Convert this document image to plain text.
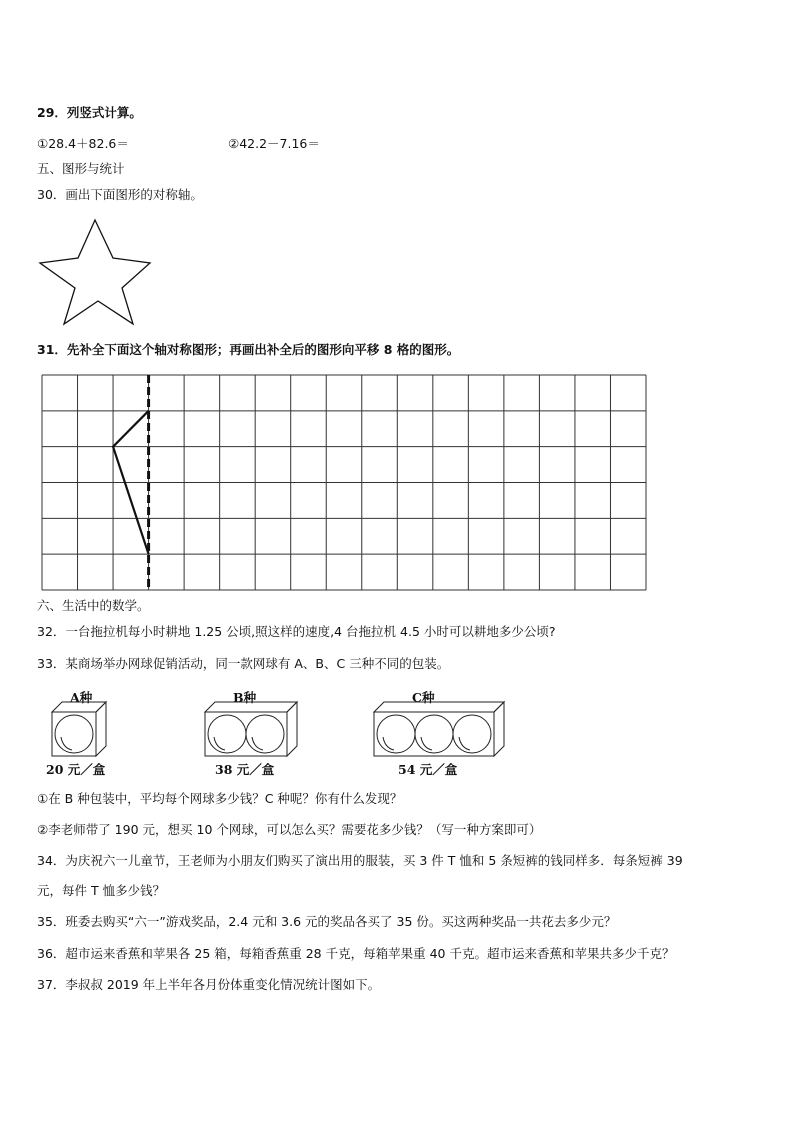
29．列竖式计算。
①28.4＋82.6＝	②42.2－7.16＝
五、图形与统计
30．画出下面图形的对称轴。
31．先补全下面这个轴对称图形；再画出补全后的图形向平移 8 格的图形。
六、生活中的数学。
32．一台拖拉机每小时耕地 1.25 公顷,照这样的速度,4 台拖拉机 4.5 小时可以耕地多少公顷?
33．某商场举办网球促销活动，同一款网球有 A、B、C 三种不同的包装。
A种
20 元／盒
B种
38 元／盒
C种
54 元／盒
①在 B 种包装中，平均每个网球多少钱？C 种呢？你有什么发现？
②李老师带了 190 元，想买 10 个网球，可以怎么买？需要花多少钱？（写一种方案即可）
34．为庆祝六一儿童节，王老师为小朋友们购买了演出用的服装，买 3 件 T 恤和 5 条短裤的钱同样多．每条短裤 39
元，每件 T 恤多少钱？
35．班委去购买“六一”游戏奖品，2.4 元和 3.6 元的奖品各买了 35 份。买这两种奖品一共花去多少元？
36．超市运来香蕉和苹果各 25 箱，每箱香蕉重 28 千克，每箱苹果重 40 千克。超市运来香蕉和苹果共多少千克？
37．李叔叔 2019 年上半年各月份体重变化情况统计图如下。
